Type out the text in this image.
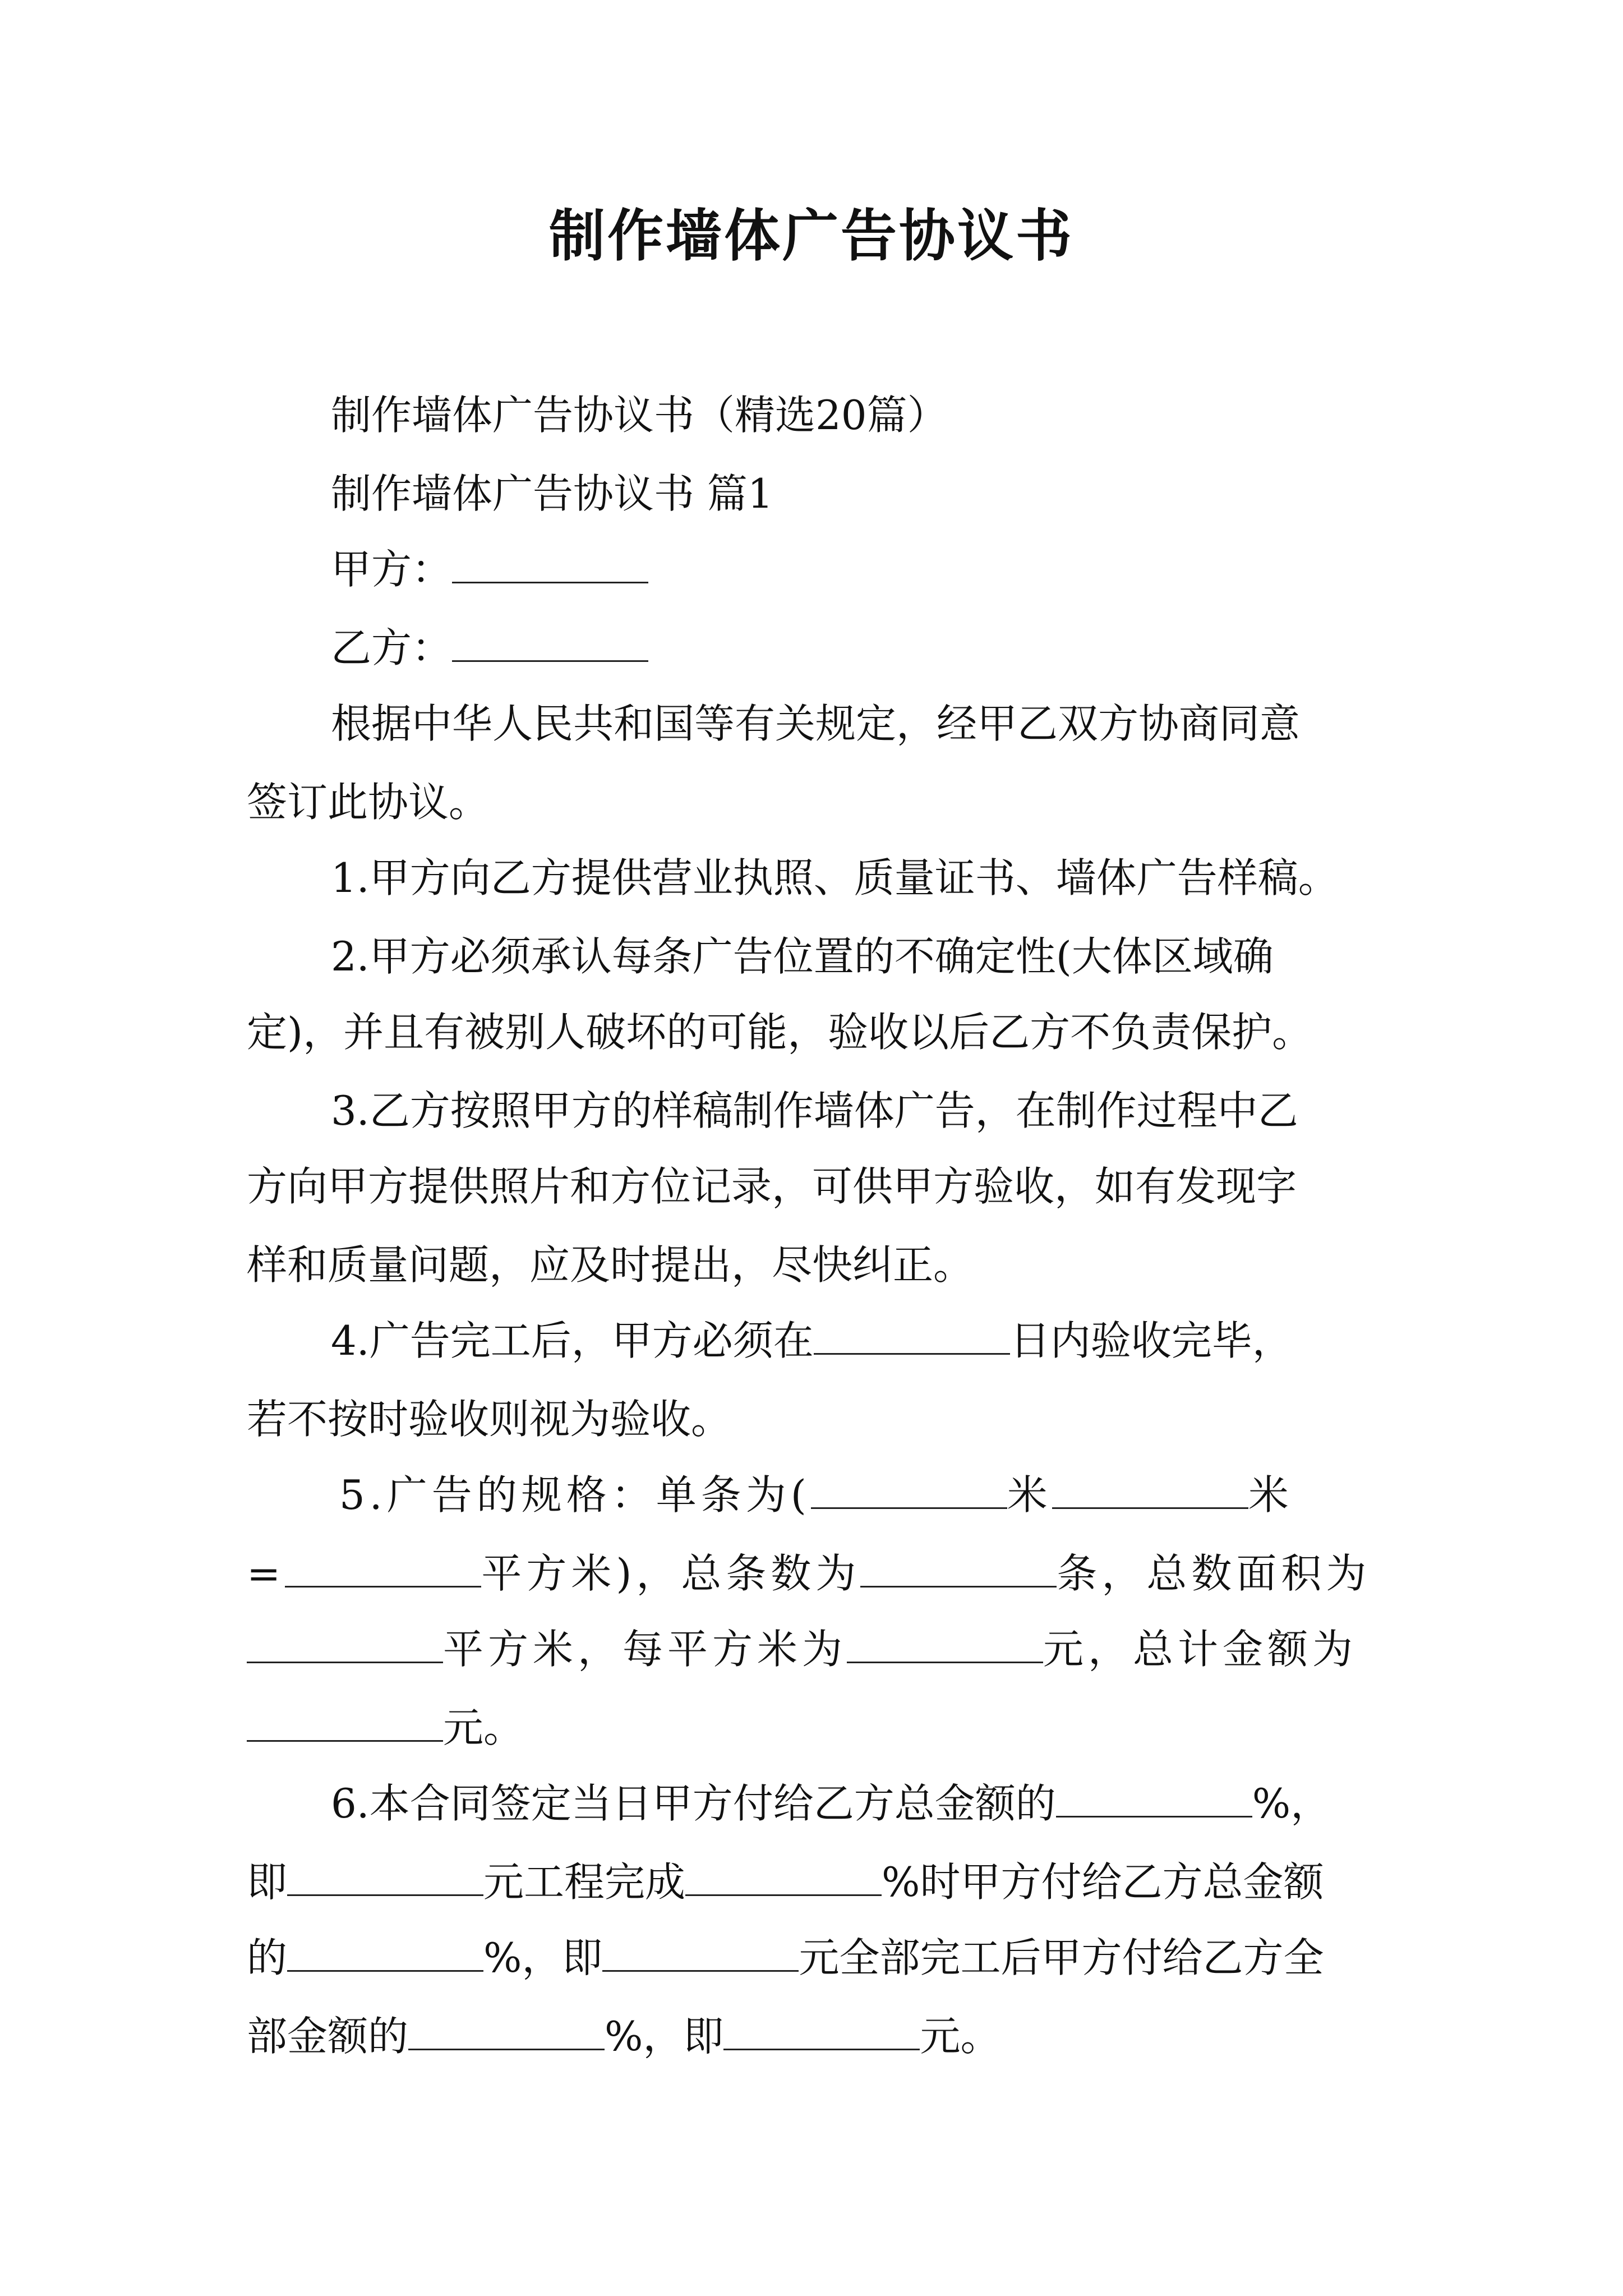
制作墙体广告协议书
制作墙体广告协议书（精选20篇）
制作墙体广告协议书 篇1
甲方：
乙方：
根据中华人民共和国等有关规定，经甲乙双方协商同意
签订此协议。
1.甲方向乙方提供营业执照、质量证书、墙体广告样稿。
2.甲方必须承认每条广告位置的不确定性(大体区域确
定)，并且有被别人破坏的可能，验收以后乙方不负责保护。
3.乙方按照甲方的样稿制作墙体广告，在制作过程中乙
方向甲方提供照片和方位记录，可供甲方验收，如有发现字
样和质量问题，应及时提出，尽快纠正。
4.广告完工后，甲方必须在	日内验收完毕，
若不按时验收则视为验收。
5.广告的规格：单条为(	米	米
=	平方米)，总条数为	条，总数面积为
平方米，每平方米为	元，总计金额为
元。
6.本合同签定当日甲方付给乙方总金额的	%，
即	元工程完成	%时甲方付给乙方总金额
的	%，即	元全部完工后甲方付给乙方全
部金额的	%，即	元。
